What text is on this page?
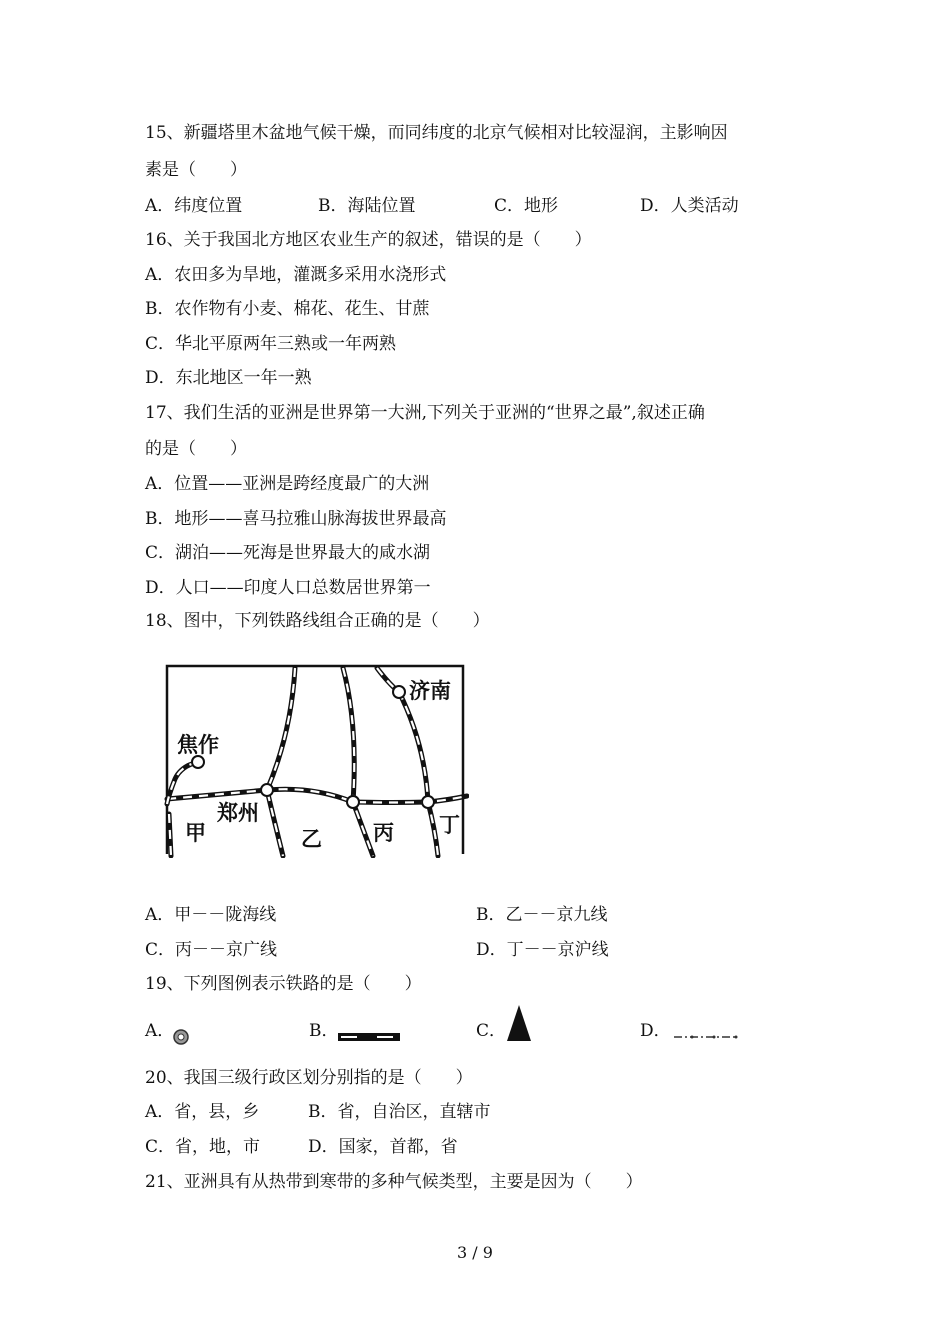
15、新疆塔里木盆地气候干燥，而同纬度的北京气候相对比较湿润，主影响因
素是（　　）
A．纬度位置	B．海陆位置	C．地形	D．人类活动
16、关于我国北方地区农业生产的叙述，错误的是（　　）
A．农田多为旱地，灌溉多采用水浇形式
B．农作物有小麦、棉花、花生、甘蔗
C．华北平原两年三熟或一年两熟
D．东北地区一年一熟
17、我们生活的亚洲是世界第一大洲,下列关于亚洲的“世界之最”,叙述正确
的是（　　）
A．位置——亚洲是跨经度最广的大洲
B．地形——喜马拉雅山脉海拔世界最高
C．湖泊——死海是世界最大的咸水湖
D．人口——印度人口总数居世界第一
18、图中，下列铁路线组合正确的是（　　）
济南
焦作
郑州
甲	乙 丙 丁
A．甲－－陇海线	B．乙－－京九线
C．丙－－京广线	D．丁－－京沪线
19、下列图例表示铁路的是（　　）
A．	B．	C．	D．
20、我国三级行政区划分别指的是（　　）
A．省，县，乡	B．省，自治区，直辖市
C．省，地，市	D．国家，首都，省
21、亚洲具有从热带到寒带的多种气候类型，主要是因为（　　）
3 / 9
